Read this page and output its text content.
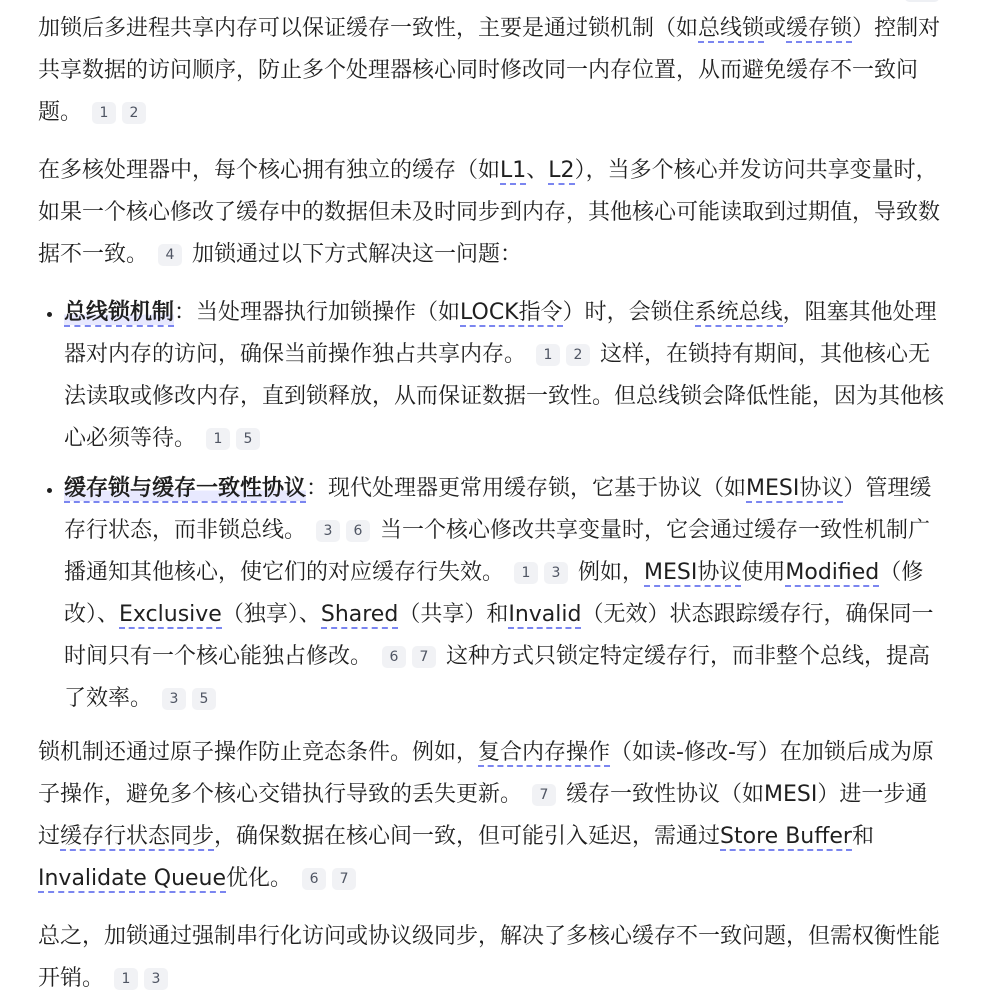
加锁后多进程共享内存可以保证缓存一致性，主要是通过锁机制（如总线锁或缓存锁）控制对共享数据的访问顺序，防止多个处理器核心同时修改同一内存位置，从而避免缓存不一致问题。 1 2

在多核处理器中，每个核心拥有独立的缓存（如L1、L2），当多个核心并发访问共享变量时，如果一个核心修改了缓存中的数据但未及时同步到内存，其他核心可能读取到过期值，导致数据不一致。 4 加锁通过以下方式解决这一问题：

• 总线锁机制：当处理器执行加锁操作（如LOCK指令）时，会锁住系统总线，阻塞其他处理器对内存的访问，确保当前操作独占共享内存。 1 2 这样，在锁持有期间，其他核心无法读取或修改内存，直到锁释放，从而保证数据一致性。但总线锁会降低性能，因为其他核心必须等待。 1 5
• 缓存锁与缓存一致性协议：现代处理器更常用缓存锁，它基于协议（如MESI协议）管理缓存行状态，而非锁总线。 3 6 当一个核心修改共享变量时，它会通过缓存一致性机制广播通知其他核心，使它们的对应缓存行失效。 1 3 例如，MESI协议使用Modified（修改）、Exclusive（独享）、Shared（共享）和Invalid（无效）状态跟踪缓存行，确保同一时间只有一个核心能独占修改。 6 7 这种方式只锁定特定缓存行，而非整个总线，提高了效率。 3 5

锁机制还通过原子操作防止竞态条件。例如，复合内存操作（如读-修改-写）在加锁后成为原子操作，避免多个核心交错执行导致的丢失更新。 7 缓存一致性协议（如MESI）进一步通过缓存行状态同步，确保数据在核心间一致，但可能引入延迟，需通过Store Buffer和Invalidate Queue优化。 6 7

总之，加锁通过强制串行化访问或协议级同步，解决了多核心缓存不一致问题，但需权衡性能开销。 1 3
